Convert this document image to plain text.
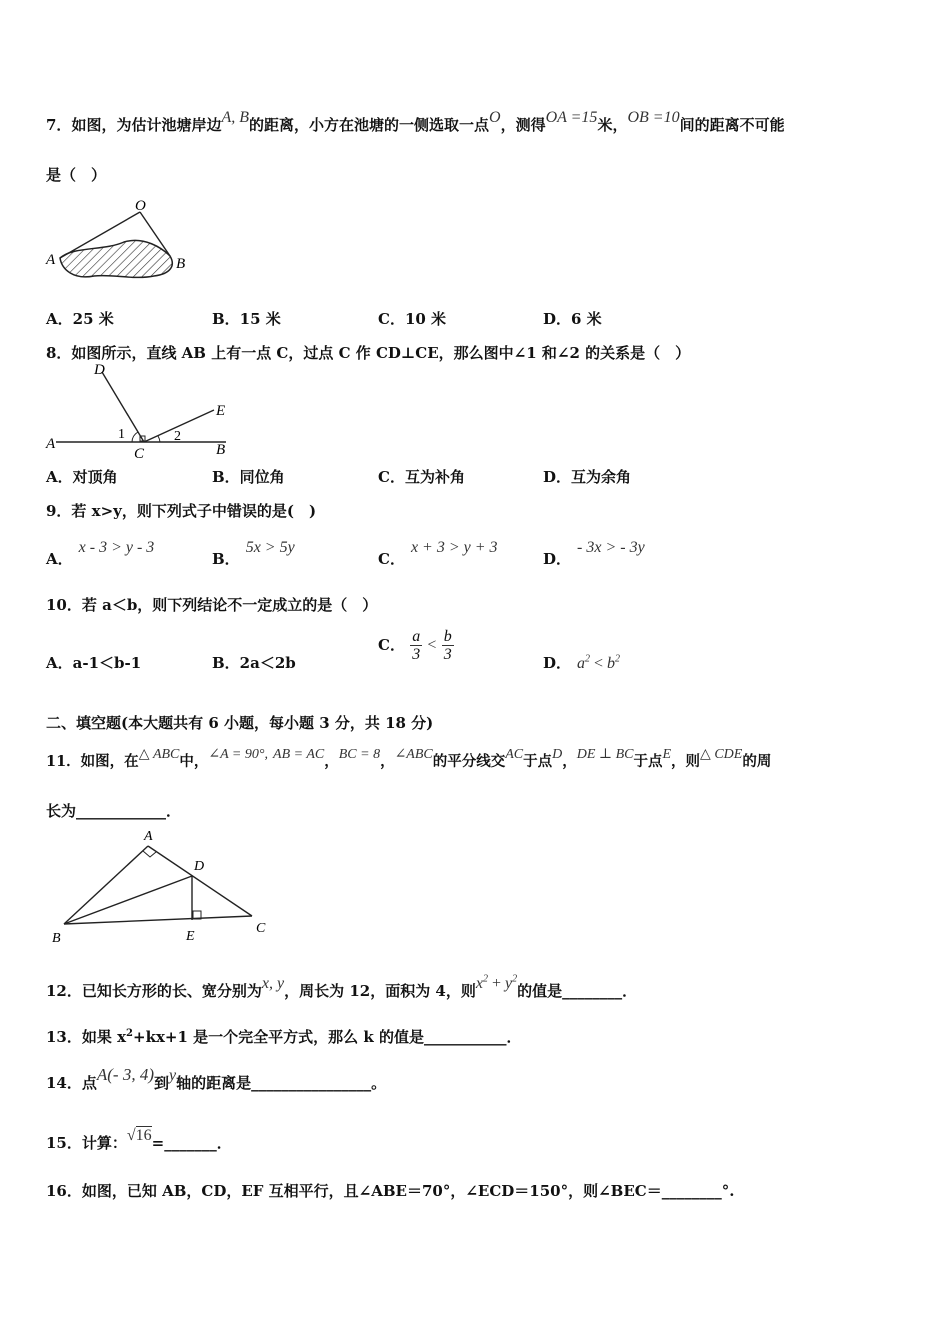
7．如图，为估计池塘岸边A, B的距离，小方在池塘的一侧选取一点O，测得OA =15米，OB =10间的距离不可能
是（　）
O
A	B
A．25 米	B．15 米	C．10 米	D．6 米
8．如图所示，直线 AB 上有一点 C，过点 C 作 CD⊥CE，那么图中∠1 和∠2 的关系是（　）
D
E
A	B
C
1	2
A．对顶角	B．同位角	C．互为补角	D．互为余角
9．若 x>y，则下列式子中错误的是(　)
A．x - 3 > y - 3
B．5x > 5y
C．x + 3 > y + 3
D．- 3x > - 3y
10．若 a＜b，则下列结论不一定成立的是（　）
A．a-1＜b-1	B．2a＜2b
C． $\frac{a}{3} < \frac{b}{3}$	D． $a^2 < b^2$
二、填空题(本大题共有 6 小题，每小题 3 分，共 18 分)
11．如图，在△ ABC中，∠A = 90°, AB = AC，BC = 8，∠ABC的平分线交AC于点D，DE ⊥ BC于点E，则△ CDE的周
长为____________．
A
D
B	E
C
12．已知长方形的长、宽分别为x, y，周长为 12，面积为 4，则$x^2 + y^2$的值是________．
13．如果 $x^2+kx+1$ 是一个完全平方式，那么 k 的值是___________．
14．点A(- 3, 4)到y轴的距离是________________。
15．计算：√16=_______．
16．如图，已知 AB，CD，EF 互相平行，且∠ABE＝70°，∠ECD＝150°，则∠BEC＝________°.
